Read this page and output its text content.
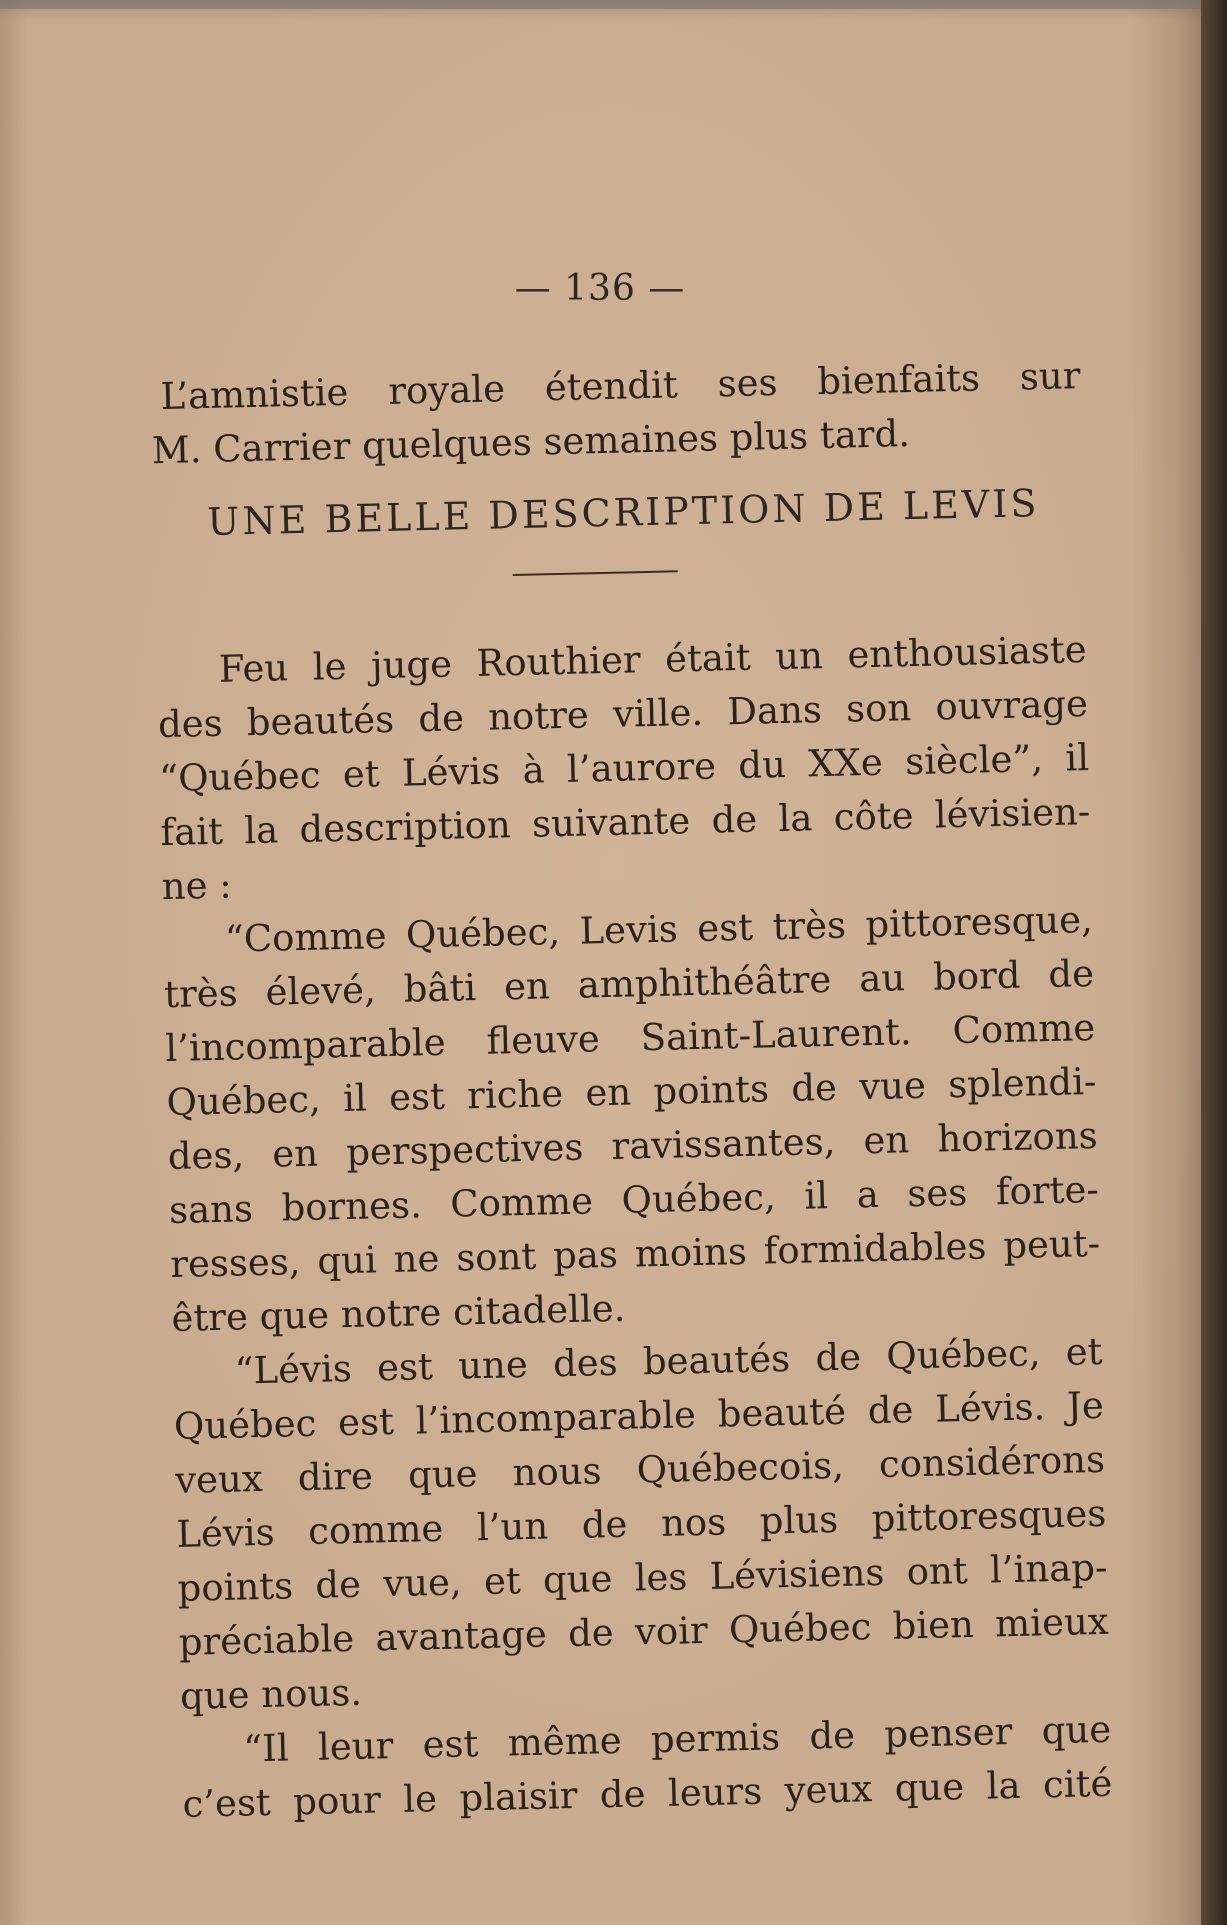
— 136 —
L’amnistie royale étendit ses bienfaits sur
M. Carrier quelques semaines plus tard.
UNE BELLE DESCRIPTION DE LEVIS
Feu le juge Routhier était un enthousiaste
des beautés de notre ville. Dans son ouvrage
“Québec et Lévis à l’aurore du XXe siècle”, il
fait la description suivante de la côte lévisien-
ne :
“Comme Québec, Levis est très pittoresque,
très élevé, bâti en amphithéâtre au bord de
l’incomparable fleuve Saint-Laurent. Comme
Québec, il est riche en points de vue splendi-
des, en perspectives ravissantes, en horizons
sans bornes. Comme Québec, il a ses forte-
resses, qui ne sont pas moins formidables peut-
être que notre citadelle.
“Lévis est une des beautés de Québec, et
Québec est l’incomparable beauté de Lévis. Je
veux dire que nous Québecois, considérons
Lévis comme l’un de nos plus pittoresques
points de vue, et que les Lévisiens ont l’inap-
préciable avantage de voir Québec bien mieux
que nous.
“Il leur est même permis de penser que
c’est pour le plaisir de leurs yeux que la cité
